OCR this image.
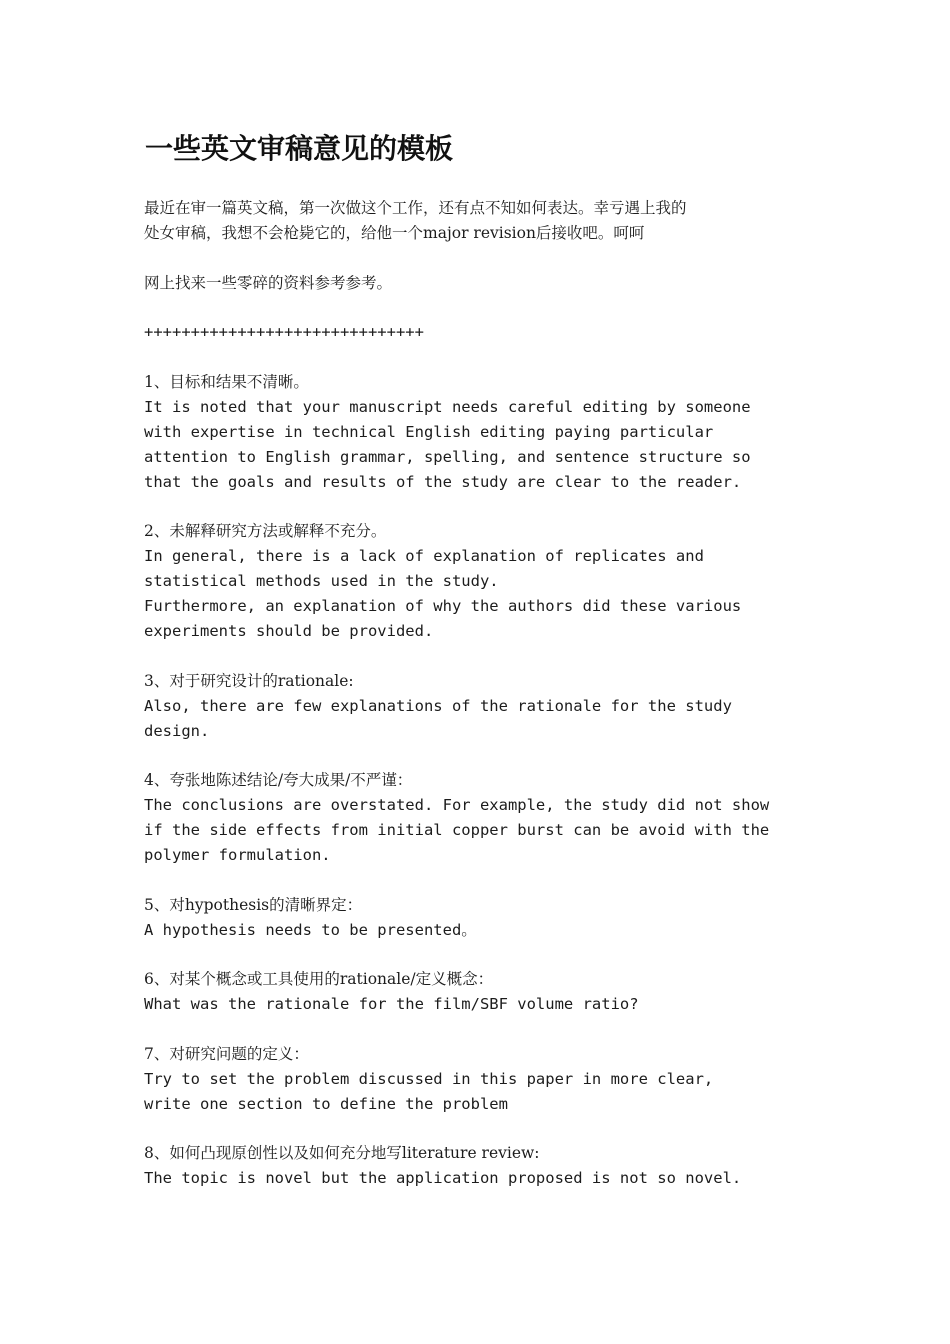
一些英文审稿意见的模板
最近在审一篇英文稿，第一次做这个工作，还有点不知如何表达。幸亏遇上我的
处女审稿，我想不会枪毙它的，给他一个major revision后接收吧。呵呵
网上找来一些零碎的资料参考参考。
++++++++++++++++++++++++++++++
1、目标和结果不清晰。
It is noted that your manuscript needs careful editing by someone
with expertise in technical English editing paying particular
attention to English grammar, spelling, and sentence structure so
that the goals and results of the study are clear to the reader.
2、未解释研究方法或解释不充分。
In general, there is a lack of explanation of replicates and
statistical methods used in the study.
Furthermore, an explanation of why the authors did these various
experiments should be provided.
3、对于研究设计的rationale:
Also, there are few explanations of the rationale for the study
design.
4、夸张地陈述结论/夸大成果/不严谨：
The conclusions are overstated. For example, the study did not show
if the side effects from initial copper burst can be avoid with the
polymer formulation.
5、对hypothesis的清晰界定：
A hypothesis needs to be presented。
6、对某个概念或工具使用的rationale/定义概念：
What was the rationale for the film/SBF volume ratio?
7、对研究问题的定义：
Try to set the problem discussed in this paper in more clear,
write one section to define the problem
8、如何凸现原创性以及如何充分地写literature review:
The topic is novel but the application proposed is not so novel.
